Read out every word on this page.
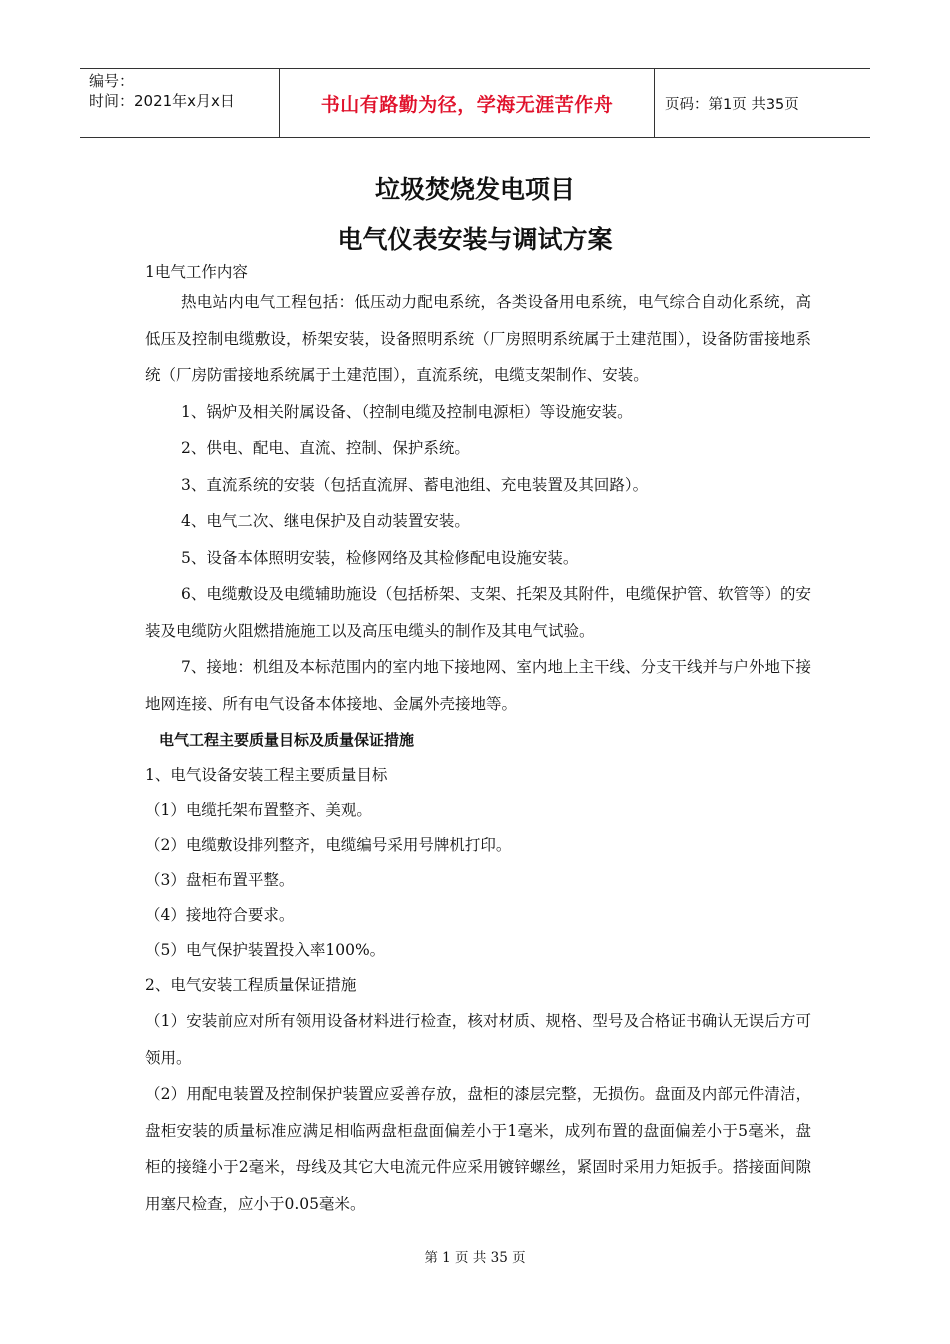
编号：
时间：2021年x月x日	书山有路勤为径，学海无涯苦作舟	页码：第1页 共35页
垃圾焚烧发电项目
电气仪表安装与调试方案
1电气工作内容
热电站内电气工程包括：低压动力配电系统，各类设备用电系统，电气综合自动化系统，高低压及控制电缆敷设，桥架安装，设备照明系统（厂房照明系统属于土建范围），设备防雷接地系统（厂房防雷接地系统属于土建范围），直流系统，电缆支架制作、安装。
1、锅炉及相关附属设备、（控制电缆及控制电源柜）等设施安装。
2、供电、配电、直流、控制、保护系统。
3、直流系统的安装（包括直流屏、蓄电池组、充电装置及其回路）。
4、电气二次、继电保护及自动装置安装。
5、设备本体照明安装，检修网络及其检修配电设施安装。
6、电缆敷设及电缆辅助施设（包括桥架、支架、托架及其附件，电缆保护管、软管等）的安装及电缆防火阻燃措施施工以及高压电缆头的制作及其电气试验。
7、接地：机组及本标范围内的室内地下接地网、室内地上主干线、分支干线并与户外地下接地网连接、所有电气设备本体接地、金属外壳接地等。
电气工程主要质量目标及质量保证措施
1、电气设备安装工程主要质量目标
（1）电缆托架布置整齐、美观。
（2）电缆敷设排列整齐，电缆编号采用号牌机打印。
（3）盘柜布置平整。
（4）接地符合要求。
（5）电气保护装置投入率100%。
2、电气安装工程质量保证措施
（1）安装前应对所有领用设备材料进行检查，核对材质、规格、型号及合格证书确认无误后方可领用。
（2）用配电装置及控制保护装置应妥善存放，盘柜的漆层完整，无损伤。盘面及内部元件清洁，盘柜安装的质量标准应满足相临两盘柜盘面偏差小于1毫米，成列布置的盘面偏差小于5毫米，盘柜的接缝小于2毫米，母线及其它大电流元件应采用镀锌螺丝，紧固时采用力矩扳手。搭接面间隙用塞尺检查，应小于0.05毫米。
第 1 页 共 35 页
